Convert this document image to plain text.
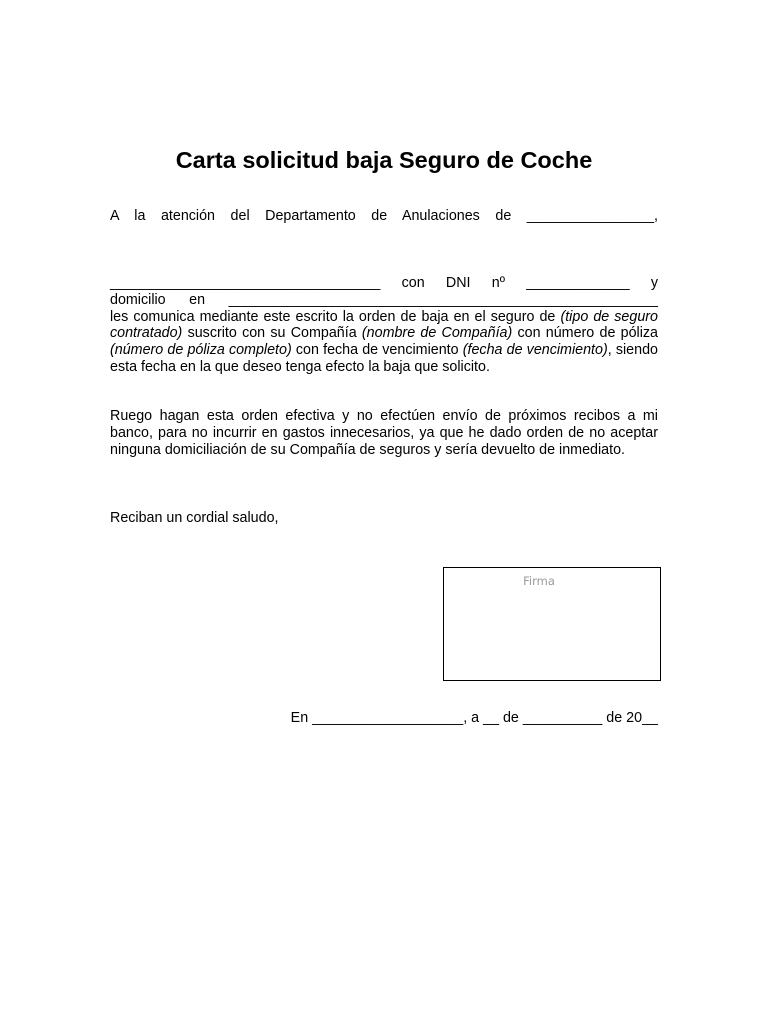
Carta solicitud baja Seguro de Coche

A la atención del Departamento de Anulaciones de ________________,

__________________________________ con DNI nº _____________ y
domicilio en ______________________________________________________
les comunica mediante este escrito la orden de baja en el seguro de (tipo de seguro contratado) suscrito con su Compañía (nombre de Compañía) con número de póliza (número de póliza completo) con fecha de vencimiento (fecha de vencimiento), siendo esta fecha en la que deseo tenga efecto la baja que solicito.

Ruego hagan esta orden efectiva y no efectúen envío de próximos recibos a mi banco, para no incurrir en gastos innecesarios, ya que he dado orden de no aceptar ninguna domiciliación de su Compañía de seguros y sería devuelto de inmediato.

Reciban un cordial saludo,

Firma
En ___________________, a __ de __________ de 20__
